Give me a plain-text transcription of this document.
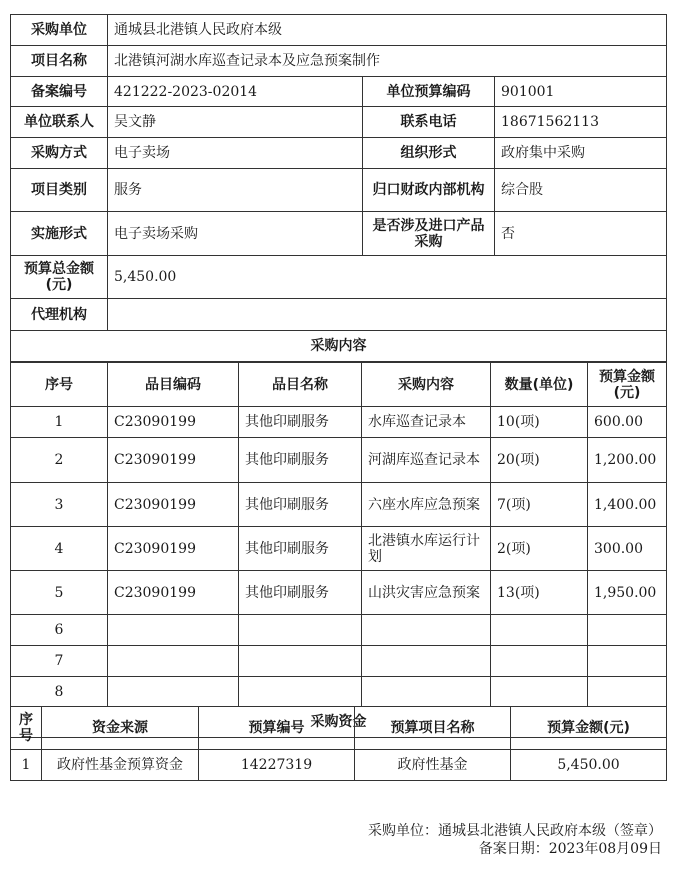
采购单位	通城县北港镇人民政府本级		
项目名称	北港镇河湖水库巡查记录本及应急预案制作		
备案编号	421222-2023-02014	单位预算编码	901001
单位联系人	吴文静	联系电话	18671562113
采购方式	电子卖场	组织形式	政府集中采购
项目类别	服务	归口财政内部机构	综合股
实施形式	电子卖场采购	是否涉及进口产品采购	否
预算总金额(元)	5,450.00		
代理机构			
采购内容			
序号	品目编码	品目名称	采购内容	数量(单位)	预算金额(元)
1	C23090199	其他印刷服务	水库巡查记录本	10(项)	600.00
2	C23090199	其他印刷服务	河湖库巡查记录本	20(项)	1,200.00
3	C23090199	其他印刷服务	六座水库应急预案	7(项)	1,400.00
4	C23090199	其他印刷服务	北港镇水库运行计划	2(项)	300.00
5	C23090199	其他印刷服务	山洪灾害应急预案	13(项)	1,950.00
6					
7					
8					
采购资金					
序号	资金来源	预算编号	预算项目名称	预算金额(元)
1	政府性基金预算资金	14227319	政府性基金	5,450.00
采购单位：通城县北港镇人民政府本级（签章）
备案日期：2023年08月09日
